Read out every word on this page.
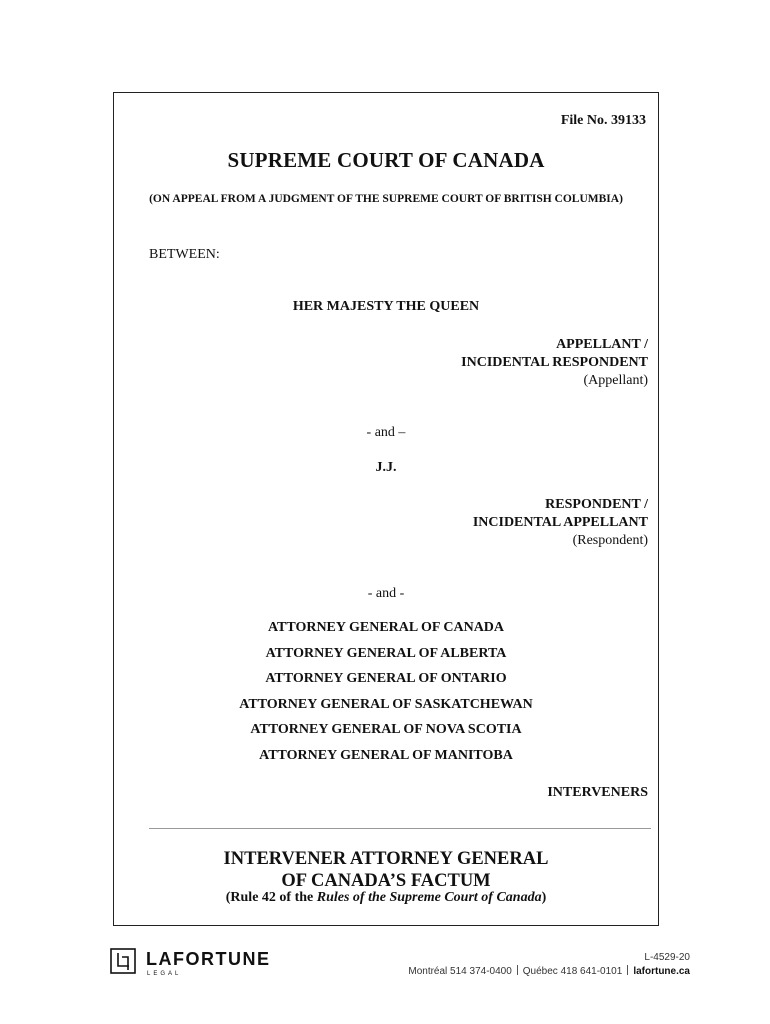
File No. 39133
SUPREME COURT OF CANADA
(ON APPEAL FROM A JUDGMENT OF THE SUPREME COURT OF BRITISH COLUMBIA)
BETWEEN:
HER MAJESTY THE QUEEN
APPELLANT /
INCIDENTAL RESPONDENT
(Appellant)
- and –
J.J.
RESPONDENT /
INCIDENTAL APPELLANT
(Respondent)
- and -
ATTORNEY GENERAL OF CANADA
ATTORNEY GENERAL OF ALBERTA
ATTORNEY GENERAL OF ONTARIO
ATTORNEY GENERAL OF SASKATCHEWAN
ATTORNEY GENERAL OF NOVA SCOTIA
ATTORNEY GENERAL OF MANITOBA
INTERVENERS
INTERVENER ATTORNEY GENERAL
OF CANADA’S FACTUM
(Rule 42 of the Rules of the Supreme Court of Canada)
LAFORTUNE
LEGAL
L-4529-20
Montréal 514 374-0400 Québec 418 641-0101 lafortune.ca
